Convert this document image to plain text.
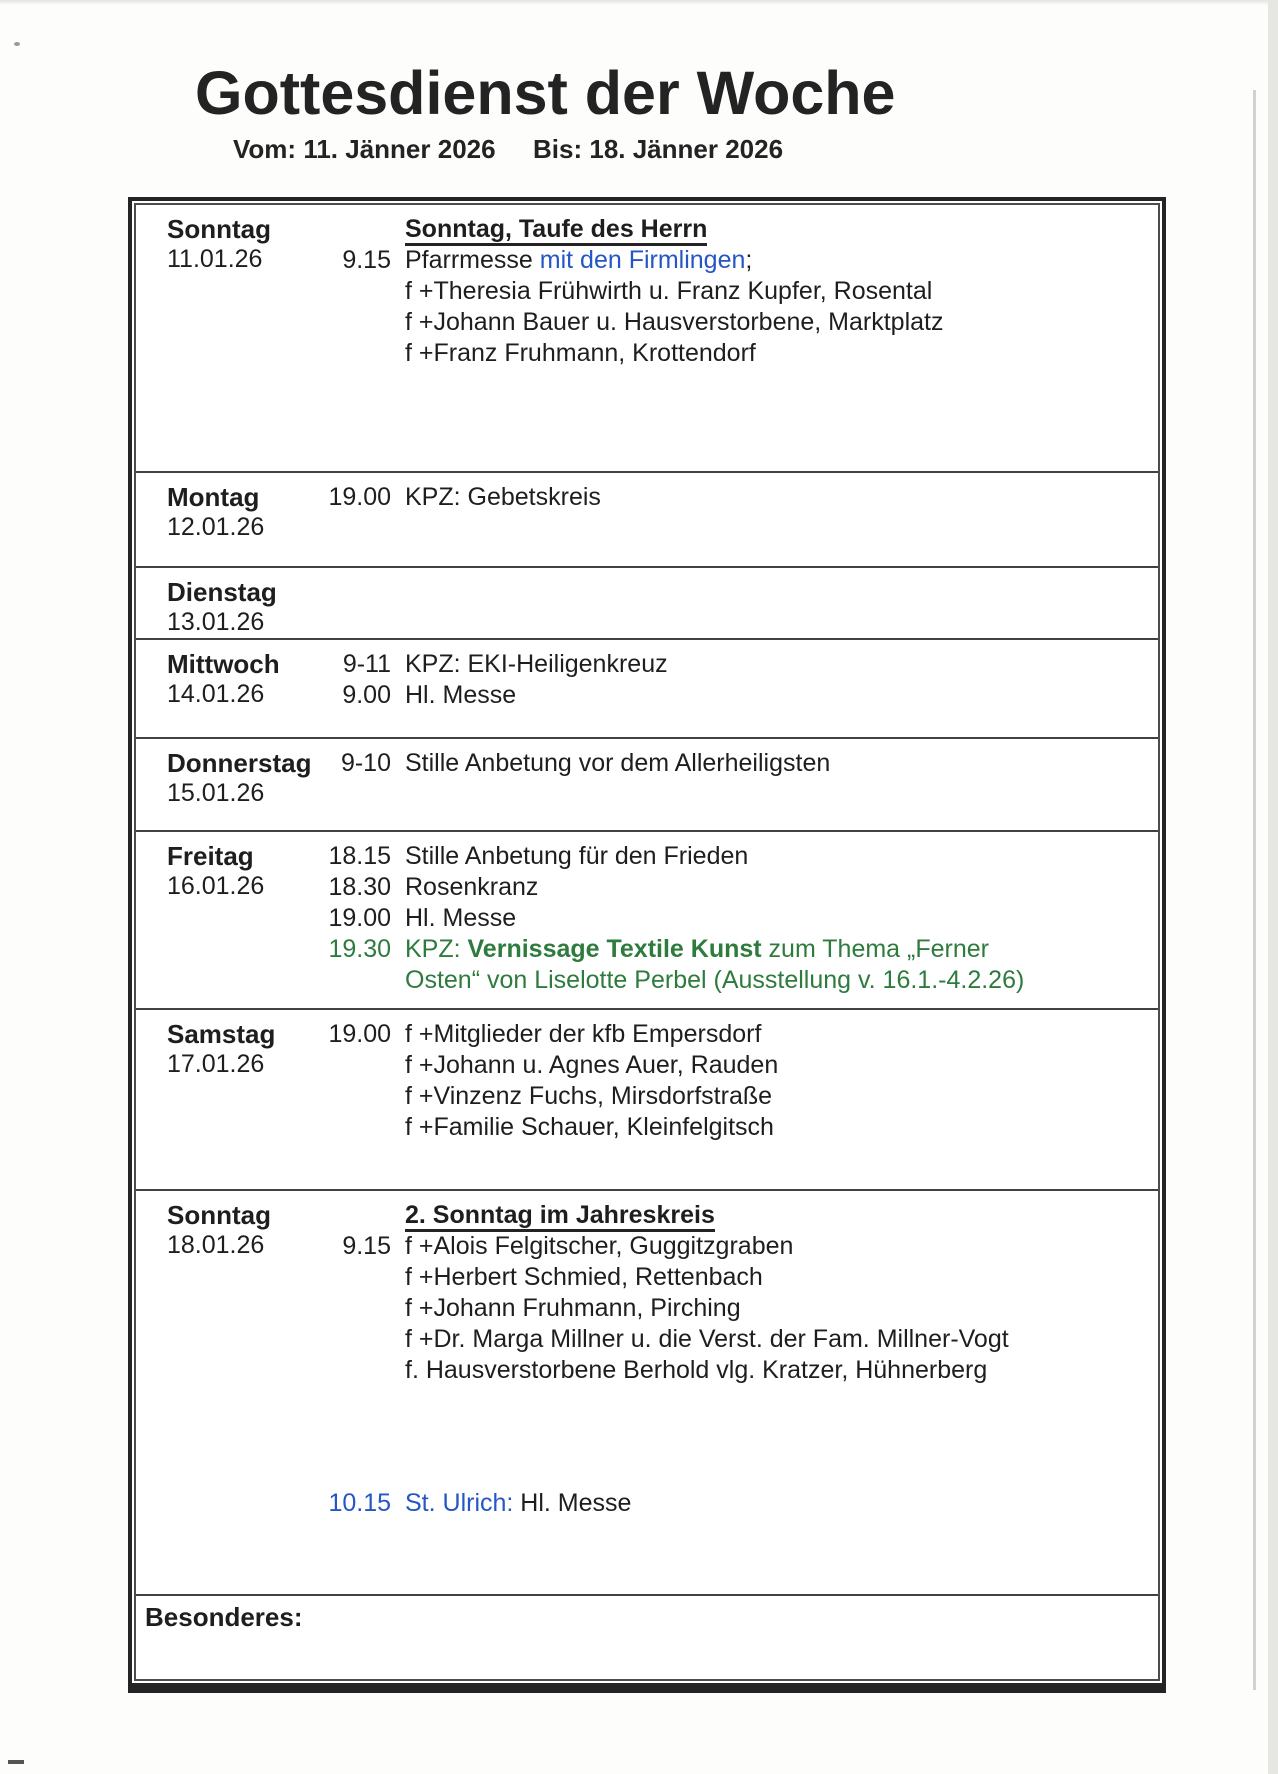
Gottesdienst der Woche
Vom: 11. Jänner 2026 Bis: 18. Jänner 2026
Sonntag
11.01.26
Sonntag, Taufe des Herrn
9.15 Pfarrmesse mit den Firmlingen;
f +Theresia Frühwirth u. Franz Kupfer, Rosental
f +Johann Bauer u. Hausverstorbene, Marktplatz
f +Franz Fruhmann, Krottendorf
Montag
12.01.26
19.00 KPZ: Gebetskreis
Dienstag
13.01.26
Mittwoch
14.01.26
9-11 KPZ: EKI-Heiligenkreuz
9.00 Hl. Messe
Donnerstag
15.01.26
9-10 Stille Anbetung vor dem Allerheiligsten
Freitag
16.01.26
18.15 Stille Anbetung für den Frieden
18.30 Rosenkranz
19.00 Hl. Messe
19.30 KPZ: Vernissage Textile Kunst zum Thema „Ferner
Osten“ von Liselotte Perbel (Ausstellung v. 16.1.-4.2.26)
Samstag
17.01.26
19.00 f +Mitglieder der kfb Empersdorf
f +Johann u. Agnes Auer, Rauden
f +Vinzenz Fuchs, Mirsdorfstraße
f +Familie Schauer, Kleinfelgitsch
Sonntag
18.01.26
2. Sonntag im Jahreskreis
9.15 f +Alois Felgitscher, Guggitzgraben
f +Herbert Schmied, Rettenbach
f +Johann Fruhmann, Pirching
f +Dr. Marga Millner u. die Verst. der Fam. Millner-Vogt
f. Hausverstorbene Berhold vlg. Kratzer, Hühnerberg
10.15 St. Ulrich: Hl. Messe
Besonderes:
